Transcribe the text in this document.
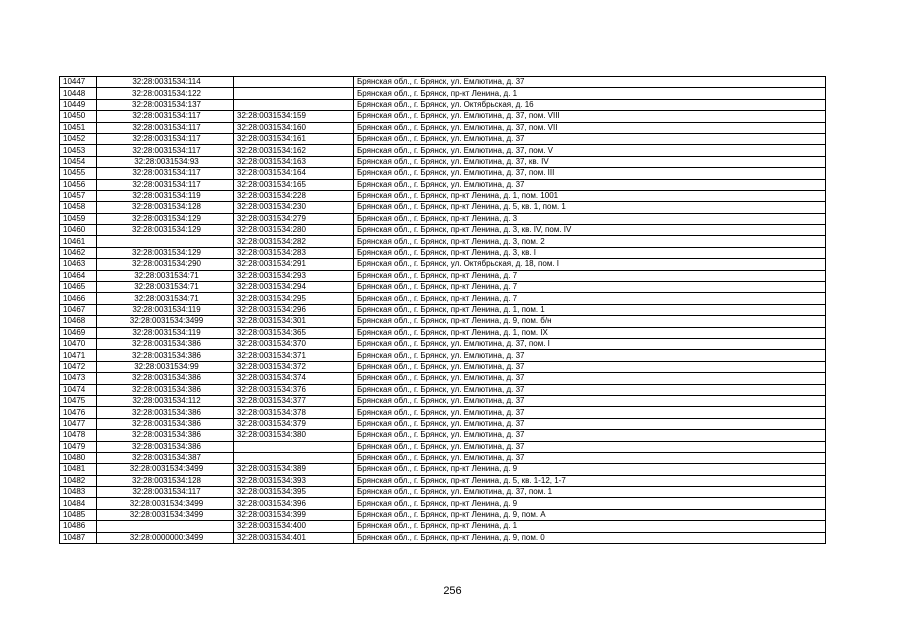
10447	32:28:0031534:114		Брянская обл., г. Брянск, ул. Емлютина, д. 37
10448	32:28:0031534:122		Брянская обл., г. Брянск, пр-кт Ленина, д. 1
10449	32:28:0031534:137		Брянская обл., г. Брянск, ул. Октябрьская, д. 16
10450	32:28:0031534:117	32:28:0031534:159	Брянская обл., г. Брянск, ул. Емлютина, д. 37, пом. VIII
10451	32:28:0031534:117	32:28:0031534:160	Брянская обл., г. Брянск, ул. Емлютина, д. 37, пом. VII
10452	32:28:0031534:117	32:28:0031534:161	Брянская обл., г. Брянск, ул. Емлютина, д. 37
10453	32:28:0031534:117	32:28:0031534:162	Брянская обл., г. Брянск, ул. Емлютина, д. 37, пом. V
10454	32:28:0031534:93	32:28:0031534:163	Брянская обл., г. Брянск, ул. Емлютина, д. 37, кв. IV
10455	32:28:0031534:117	32:28:0031534:164	Брянская обл., г. Брянск, ул. Емлютина, д. 37, пом. III
10456	32:28:0031534:117	32:28:0031534:165	Брянская обл., г. Брянск, ул. Емлютина, д. 37
10457	32:28:0031534:119	32:28:0031534:228	Брянская обл., г. Брянск, пр-кт Ленина, д. 1, пом. 1001
10458	32:28:0031534:128	32:28:0031534:230	Брянская обл., г. Брянск, пр-кт Ленина, д. 5, кв. 1, пом. 1
10459	32:28:0031534:129	32:28:0031534:279	Брянская обл., г. Брянск, пр-кт Ленина, д. 3
10460	32:28:0031534:129	32:28:0031534:280	Брянская обл., г. Брянск, пр-кт Ленина, д. 3, кв. IV, пом. IV
10461		32:28:0031534:282	Брянская обл., г. Брянск, пр-кт Ленина, д. 3, пом. 2
10462	32:28:0031534:129	32:28:0031534:283	Брянская обл., г. Брянск, пр-кт Ленина, д. 3, кв. I
10463	32:28:0031534:290	32:28:0031534:291	Брянская обл., г. Брянск, ул. Октябрьская, д. 18, пом. I
10464	32:28:0031534:71	32:28:0031534:293	Брянская обл., г. Брянск, пр-кт Ленина, д. 7
10465	32:28:0031534:71	32:28:0031534:294	Брянская обл., г. Брянск, пр-кт Ленина, д. 7
10466	32:28:0031534:71	32:28:0031534:295	Брянская обл., г. Брянск, пр-кт Ленина, д. 7
10467	32:28:0031534:119	32:28:0031534:296	Брянская обл., г. Брянск, пр-кт Ленина, д. 1, пом. 1
10468	32:28:0031534:3499	32:28:0031534:301	Брянская обл., г. Брянск, пр-кт Ленина, д. 9, пом. б/н
10469	32:28:0031534:119	32:28:0031534:365	Брянская обл., г. Брянск, пр-кт Ленина, д. 1, пом. IX
10470	32:28:0031534:386	32:28:0031534:370	Брянская обл., г. Брянск, ул. Емлютина, д. 37, пом. I
10471	32:28:0031534:386	32:28:0031534:371	Брянская обл., г. Брянск, ул. Емлютина, д. 37
10472	32:28:0031534:99	32:28:0031534:372	Брянская обл., г. Брянск, ул. Емлютина, д. 37
10473	32:28:0031534:386	32:28:0031534:374	Брянская обл., г. Брянск, ул. Емлютина, д. 37
10474	32:28:0031534:386	32:28:0031534:376	Брянская обл., г. Брянск, ул. Емлютина, д. 37
10475	32:28:0031534:112	32:28:0031534:377	Брянская обл., г. Брянск, ул. Емлютина, д. 37
10476	32:28:0031534:386	32:28:0031534:378	Брянская обл., г. Брянск, ул. Емлютина, д. 37
10477	32:28:0031534:386	32:28:0031534:379	Брянская обл., г. Брянск, ул. Емлютина, д. 37
10478	32:28:0031534:386	32:28:0031534:380	Брянская обл., г. Брянск, ул. Емлютина, д. 37
10479	32:28:0031534:386		Брянская обл., г. Брянск, ул. Емлютина, д. 37
10480	32:28:0031534:387		Брянская обл., г. Брянск, ул. Емлютина, д. 37
10481	32:28:0031534:3499	32:28:0031534:389	Брянская обл., г. Брянск, пр-кт Ленина, д. 9
10482	32:28:0031534:128	32:28:0031534:393	Брянская обл., г. Брянск, пр-кт Ленина, д. 5, кв. 1-12, 1-7
10483	32:28:0031534:117	32:28:0031534:395	Брянская обл., г. Брянск, ул. Емлютина, д. 37, пом. 1
10484	32:28:0031534:3499	32:28:0031534:396	Брянская обл., г. Брянск, пр-кт Ленина, д. 9
10485	32:28:0031534:3499	32:28:0031534:399	Брянская обл., г. Брянск, пр-кт Ленина, д. 9, пом. А
10486		32:28:0031534:400	Брянская обл., г. Брянск, пр-кт Ленина, д. 1
10487	32:28:0000000:3499	32:28:0031534:401	Брянская обл., г. Брянск, пр-кт Ленина, д. 9, пом. 0
256
